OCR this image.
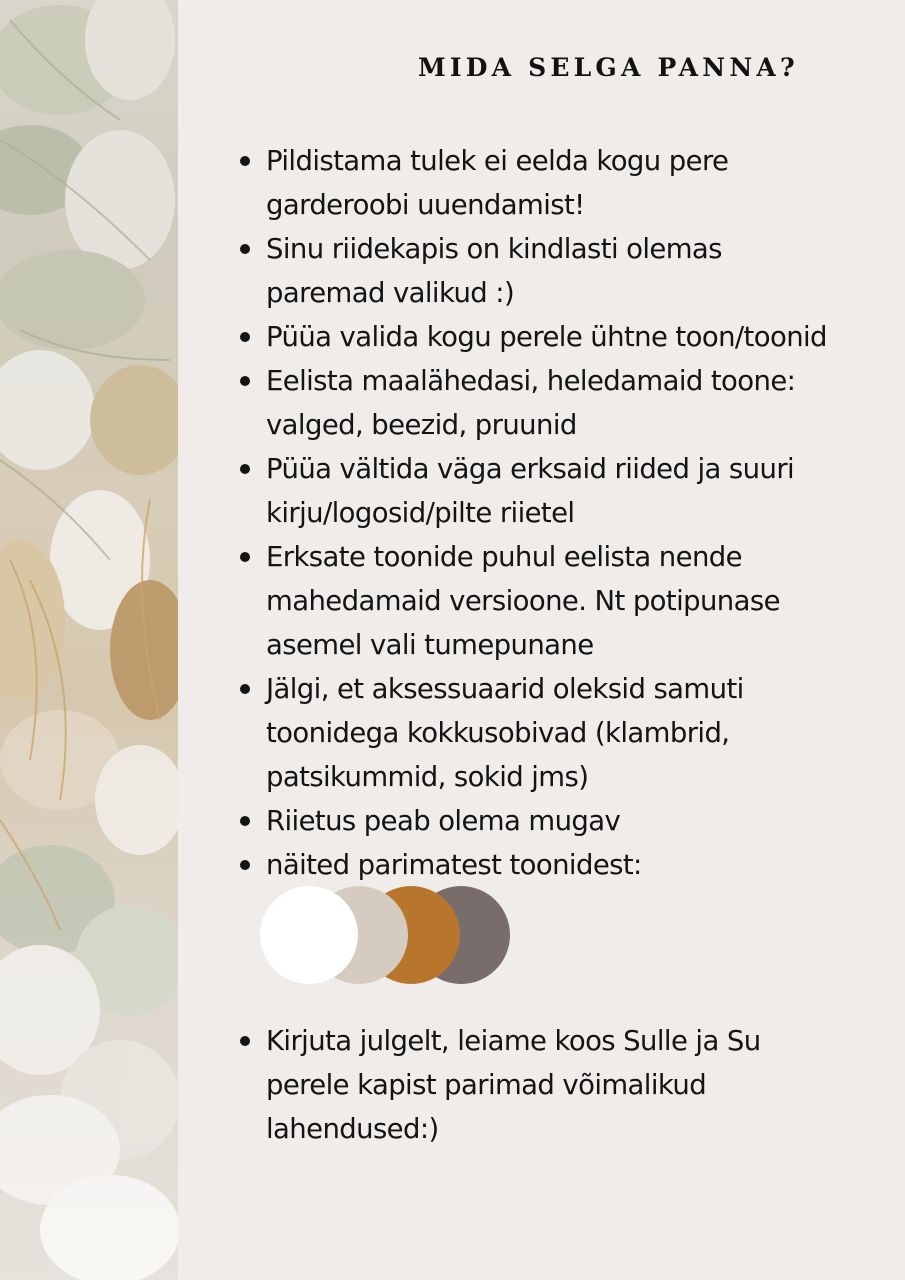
MIDA SELGA PANNA?
Pildistama tulek ei eelda kogu pere
garderoobi uuendamist!
Sinu riidekapis on kindlasti olemas
paremad valikud :)
Püüa valida kogu perele ühtne toon/toonid
Eelista maalähedasi, heledamaid toone:
valged, beezid, pruunid
Püüa vältida väga erksaid riided ja suuri
kirju/logosid/pilte riietel
Erksate toonide puhul eelista nende
mahedamaid versioone. Nt potipunase
asemel vali tumepunane
Jälgi, et aksessuaarid oleksid samuti
toonidega kokkusobivad (klambrid,
patsikummid, sokid jms)
Riietus peab olema mugav
näited parimatest toonidest:
Kirjuta julgelt, leiame koos Sulle ja Su
perele kapist parimad võimalikud
lahendused:)
